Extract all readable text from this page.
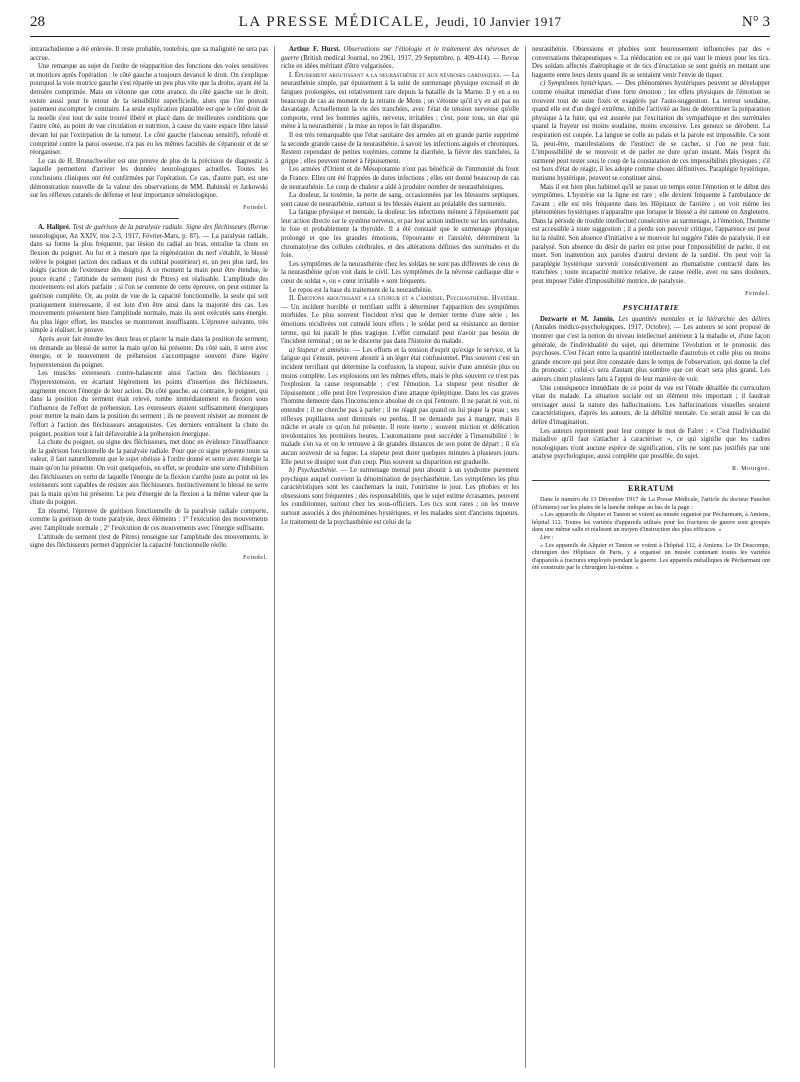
28	LA PRESSE MÉDICALE, Jeudi, 10 Janvier 1917	N° 3

intrarachidienne a été enlevée. Il reste probable, toutefois, que sa malignité ne sera pas accrue.

Une remarque au sujet de l'ordre de réapparition des fonctions des voies sensitives et motrices après l'opération : le côté gauche a toujours devancé le droit. On s'explique pourquoi la voie motrice gauche s'est réparée un peu plus vite que la droite, ayant été la dernière comprimée. Mais on s'étonne que cette avance, du côté gauche sur le droit, existe aussi pour le retour de la sensibilité superficielle, alors que l'on pouvait justement escompter le contraire. La seule explication plausible est que le côté droit de la moelle s'est tout de suite trouvé libéré et placé dans de meilleures conditions que l'autre côté, au point de vue circulation et nutrition, à cause du vaste espace libre laissé devant lui par l'extirpation de la tumeur. Le côté gauche (faisceau sensitif), refoulé et comprimé contre la paroi osseuse, n'a pas eu les mêmes facultés de s'épanouir et de se réorganiser.

Le cas de H. Brunschweiler est une preuve de plus de la précision de diagnostic à laquelle permettent d'arriver les données neurologiques actuelles. Toutes les conclusions cliniques ont été confirmées par l'opération. Ce cas, d'autre part, est une démonstration nouvelle de la valeur des observations de MM. Babinski et Jarkowski sur les réflexes cutanés de défense et leur importance séméiologique.

Feindel.

A. Halipré. Test de guérison de la paralysie radiale. Signe des fléchisseurs (Revue neurologique, An XXIV, nos 2-3, 1917, Février-Mars, p. 87). — La paralysie radiale, dans sa forme la plus fréquente, par lésion du radial au bras, entraîne la chute en flexion du poignet. Au fur et à mesure que la régénération du nerf s'établit, le blessé relève le poignet (action des radiaux et du cubital postérieur) et, un peu plus tard, les doigts (action de l'extenseur des doigts). A ce moment la main peut être étendue, le pouce écarté ; l'attitude du serment (test de Pitres) est réalisable. L'amplitude des mouvements est alors parfaite ; si l'on se contente de cette épreuve, on peut estimer la guérison complète. Or, au point de vue de la capacité fonctionnelle, la seule qui soit pratiquement intéressante, il est loin d'en être ainsi dans la majorité des cas. Les mouvements présentent bien l'amplitude normale, mais ils sont exécutés sans énergie. Au plus léger effort, les muscles se montreront insuffisants. L'épreuve suivante, très simple à réaliser, le prouve.

Après avoir fait étendre les deux bras et placer la main dans la position du serment, on demande au blessé de serrer la main qu'on lui présente. Du côté sain, il serre avec énergie, et le mouvement de préhension s'accompagne souvent d'une légère hyperextension du poignet.

Les muscles extenseurs contre-balancent ainsi l'action des fléchisseurs ; l'hyperextension, en écartant légèrement les points d'insertion des fléchisseurs, augmente encore l'énergie de leur action. Du côté gauche, au contraire, le poignet, qui dans la position du serment était relevé, tombe immédiatement en flexion sous l'influence de l'effort de préhension. Les extenseurs étaient suffisamment énergiques pour mettre la main dans la position du serment ; ils ne peuvent résister au moment de l'effort à l'action des fléchisseurs antagonistes. Ces derniers entraînent la chute du poignet, position tout à fait défavorable à la préhension énergique.

La chute du poignet, ou signe des fléchisseurs, met donc en évidence l'insuffisance de la guérison fonctionnelle de la paralysie radiale. Pour que ce signe présente toute sa valeur, il faut naturellement que le sujet obéisse à l'ordre donné et serre avec énergie la main qu'on lui présente. On voit quelquefois, en effet, se produire une sorte d'inhibition des fléchisseurs en vertu de laquelle l'énergie de la flexion s'arrête juste au point où les extenseurs sont capables de résister aux fléchisseurs. Instinctivement le blessé ne serre pas la main qu'on lui présente. Le peu d'énergie de la flexion a la même valeur que la chute du poignet.

En résumé, l'épreuve de guérison fonctionnelle de la paralysie radiale comporte, comme la guérison de toute paralysie, deux éléments : 1° l'exécution des mouvements avec l'amplitude normale ; 2° l'exécution de ces mouvements avec l'énergie suffisante.

L'attitude du serment (test de Pitres) renseigne sur l'amplitude des mouvements, le signe des fléchisseurs permet d'apprécier la capacité fonctionnelle réelle.

Feindel.

Arthur F. Hurst. Observations sur l'étiologie et le traitement des névroses de guerre (British medical Journal, no 2961, 1917, 29 Septembre, p. 409-414). — Revue riche en idées méritant d'être vulgarisées.

I. Épuisement aboutissant a la neurasthénie et aux névroses cardiaques. — La neurasthénie simple, par épuisement à la suite de surmenage physique excessif et de fatigues prolongées, est relativement rare depuis la bataille de la Marne. Il y en a eu beaucoup de cas au moment de la retraite de Mons ; on s'étonne qu'il n'y en ait pas eu davantage. Actuellement la vie des tranchées, avec l'état de tension nerveuse qu'elle comporte, rend les hommes agités, nerveux, irritables ; c'est, pour tous, un état qui mène à la neurasthénie ; la mise au repos le fait disparaître.

Il est très remarquable que l'état sanitaire des armées ait en grande partie supprimé la seconde grande cause de la neurasthénie, à savoir les infections aiguës et chroniques. Restent cependant de petites toxémies, comme la diarrhée, la fièvre des tranchées, la grippe ; elles peuvent mener à l'épuisement.

Les armées d'Orient et de Mésopotamie n'ont pas bénéficié de l'immunité du front de France. Elles ont été frappées de dures infections ; elles ont donné beaucoup de cas de neurasthénie. Le coup de chaleur a aidé à produire nombre de neurasthéniques.

La douleur, la toxémie, la perte de sang, occasionnées par les blessures septiques, sont cause de neurasthénie, surtout si les blessés étaient au préalable des surmenés.

La fatigue physique et mentale, la douleur, les infections mènent à l'épuisement par leur action directe sur le système nerveux, et par leur action indirecte sur les surrénales, le foie et probablement la thyroïde. Il a été constaté que le surmenage physique prolongé et que les grandes émotions, l'épouvante et l'anxiété, déterminent la chromatolyse des cellules cérébrales, et des altérations définies des surrénales et du foie.

Les symptômes de la neurasthénie chez les soldats ne sont pas différents de ceux de la neurasthénie qu'on voit dans le civil. Les symptômes de la névrose cardiaque dite « cœur de soldat », ou « cœur irritable » sont fréquents.

Le repos est la base du traitement de la neurasthénie.

II. Émotions aboutissant a la stupeur et a l'amnésie. Psychasthénie. Hystérie. — Un incident horrible et terrifiant suffit à déterminer l'apparition des symptômes morbides. Le plus souvent l'incident n'est que le dernier terme d'une série ; les émotions récidivées ont cumulé leurs effets ; le soldat perd sa résistance au dernier terme, qui lui paraît le plus tragique. L'effet cumulatif peut n'avoir pas besoin de l'incident terminal ; on ne le discerne pas dans l'histoire du malade.

a) Stupeur et amnésie. — Les efforts et la tension d'esprit qu'exige le service, et la fatigue qui s'ensuit, peuvent aboutir à un léger état confusionnel. Plus souvent c'est un incident terrifiant qui détermine la confusion, la stupeur, suivie d'une amnésie plus ou moins complète. Les explosions ont les mêmes effets, mais le plus souvent ce n'est pas l'explosion la cause responsable ; c'est l'émotion. La stupeur peut résulter de l'épuisement ; elle peut être l'expression d'une attaque épileptique. Dans les cas graves l'homme demeure dans l'inconscience absolue de ce qui l'entoure. Il ne parait ni voir, ni entendre ; il ne cherche pas à parler ; il ne réagit pas quand on lui pique la peau ; ses réflexes pupillaires sont diminués ou perdus. Il ne demande pas à manger, mais il mâche et avale ce qu'on lui présente. Il reste inerte ; souvent miction et défécation involontaires les premières heures. L'automatisme peut succéder à l'insensibilité : le malade s'en va et on le retrouve à de grandes distances de son point de départ ; il n'a aucun souvenir de sa fugue. La stupeur peut durer quelques minutes à plusieurs jours. Elle peut se dissiper tout d'un coup. Plus souvent sa disparition est graduelle.

b) Psychasthénie. — Le surmenage mental peut aboutir à un syndrome purement psychique auquel convient la dénomination de psychasthénie. Les symptômes les plus caractéristiques sont les cauchemars la nuit, l'onirisme le jour. Les phobies et les obsessions sont fréquentes ; des responsabilités, que le sujet estime écrasantes, peuvent les conditionner, surtout chez les sous-officiers. Les tics sont rares ; on les trouve surtout associés à des phénomènes hystériques, et les malades sont d'anciens tiqueurs. Le traitement de la psychasthénie est celui de la

neurasthénie. Obsessions et phobies sont heureusement influencées par des « conversations thérapeutiques ». La rééducation est ce qui vaut le mieux pour les tics. Des soldats affectés d'aérophagie et de tics d'éructation se sont guéris en mettant une baguette entre leurs dents quand ils se sentaient venir l'envie de tiquer.

c) Symptômes hystériques. — Des phénomènes hystériques peuvent se développer comme résultat immédiat d'une forte émotion ; les effets physiques de l'émotion se trouvent tout de suite fixés et exagérés par l'auto-suggestion. La terreur soudaine, quand elle est d'un degré extrême, inhibe l'activité au lieu de déterminer la préparation physique à la fuite, qui est assurée par l'excitation du sympathique et des surrénales quand la frayeur est moins soudaine, moins excessive. Les genoux se dérobent. La respiration est coupée. La langue se colle au palais et la parole est impossible. Ce sont là, peut-être, manifestations de l'instinct de se cacher, si l'on ne peut fuir. L'impossibilité de se mouvoir et de parler ne dure qu'un instant. Mais l'esprit du surmené peut rester sous le coup de la constatation de ces impossibilités physiques ; s'il est hors d'état de réagir, il les adopte comme choses définitives. Paraplégie hystérique, mutisme hystérique, peuvent se constituer ainsi.

Mais il est bien plus habituel qu'il se passe un temps entre l'émotion et le début des symptômes. L'hystérie sur la ligne est rare ; elle devient fréquente à l'ambulance de l'avant ; elle est très fréquente dans les Hôpitaux de l'arrière ; on voit même les phénomènes hystériques n'apparaître que lorsque le blessé a été ramené en Angleterre. Dans la période de trouble intellectuel consécutive au surmenage, à l'émotion, l'homme est accessible à toute suggestion ; il a perdu son pouvoir critique, l'apparence est pour lui la réalité. Son absence d'initiative a se mouvoir lui suggère l'idée de paralysie, il est paralysé. Son absence du désir de parler est prise pour l'impossibilité de parler, il est muet. Son inattention aux paroles d'autrui devient de la surdité. On peut voir la paraplégie hystérique survenir consécutivement au rhumatisme contracté dans les tranchées ; toute incapacité motrice relative, de cause réelle, avec ou sans douleurs, peut imposer l'idée d'impossibilité motrice, de paralysie.

Feindel.

PSYCHIATRIE

Dezwarte et M. Jannin. Les quantités mentales et la hiérarchie des délires (Annales médico-psychologiques, 1917, Octobre). — Les auteurs se sont proposé de montrer que c'est la notion du niveau intellectuel antérieur à la maladie et, d'une façon générale, de l'individualité du sujet, qui détermine l'évolution et le pronostic des psychoses. C'est l'écart entre la quantité intellectuelle d'autrefois et celle plus ou moins grande encore qui peut être constatée dans le temps de l'observation, qui donne la clef du pronostic ; celui-ci sera d'autant plus sombre que cet écart sera plus grand. Les auteurs citent plusieurs faits à l'appui de leur manière de voir.

Une conséquence immédiate de ce point de vue est l'étude détaillée du curriculum vitae du malade. La situation sociale est un élément très important ; il faudrait envisager aussi la nature des hallucinations. Les hallucinations visuelles seraient caractéristiques, d'après les auteurs, de la débilité mentale. Ce serait aussi le cas du délire d'imagination.

Les auteurs reprennent pour leur compte le mot de Falret : « C'est l'individualité maladive qu'il faut s'attacher à caractériser », ce qui signifie que les cadres nosologiques n'ont aucune espèce de signification, s'ils ne sont pas justifiés par une analyse psychologique, aussi complète que possible, du sujet.

R. Mourgue.

ERRATUM

Dans le numéro du 13 Décembre 1917 de La Presse Médicale, l'article du docteur Pauchet (d'Amiens) sur les plaies de la hanche indique au bas de la page :

« Les appareils de Alquier et Tanton se voient au musée organisé par Pécharmant, à Amiens, hôpital 112. Toutes les variétés d'appareils utilisés pour les fractures de guerre sont groupés dans une même salle et réalisent un moyen d'instruction des plus efficaces. »

Lire :

« Les appareils de Alquier et Tanton se voient à l'hôpital 112, à Amiens. Le Dr Descomps, chirurgien des Hôpitaux de Paris, y a organisé un musée contenant toutes les variétés d'appareils à fractures employés pendant la guerre. Les appareils métalliques de Pécharmant ont été construits par le chirurgien lui-même. »
